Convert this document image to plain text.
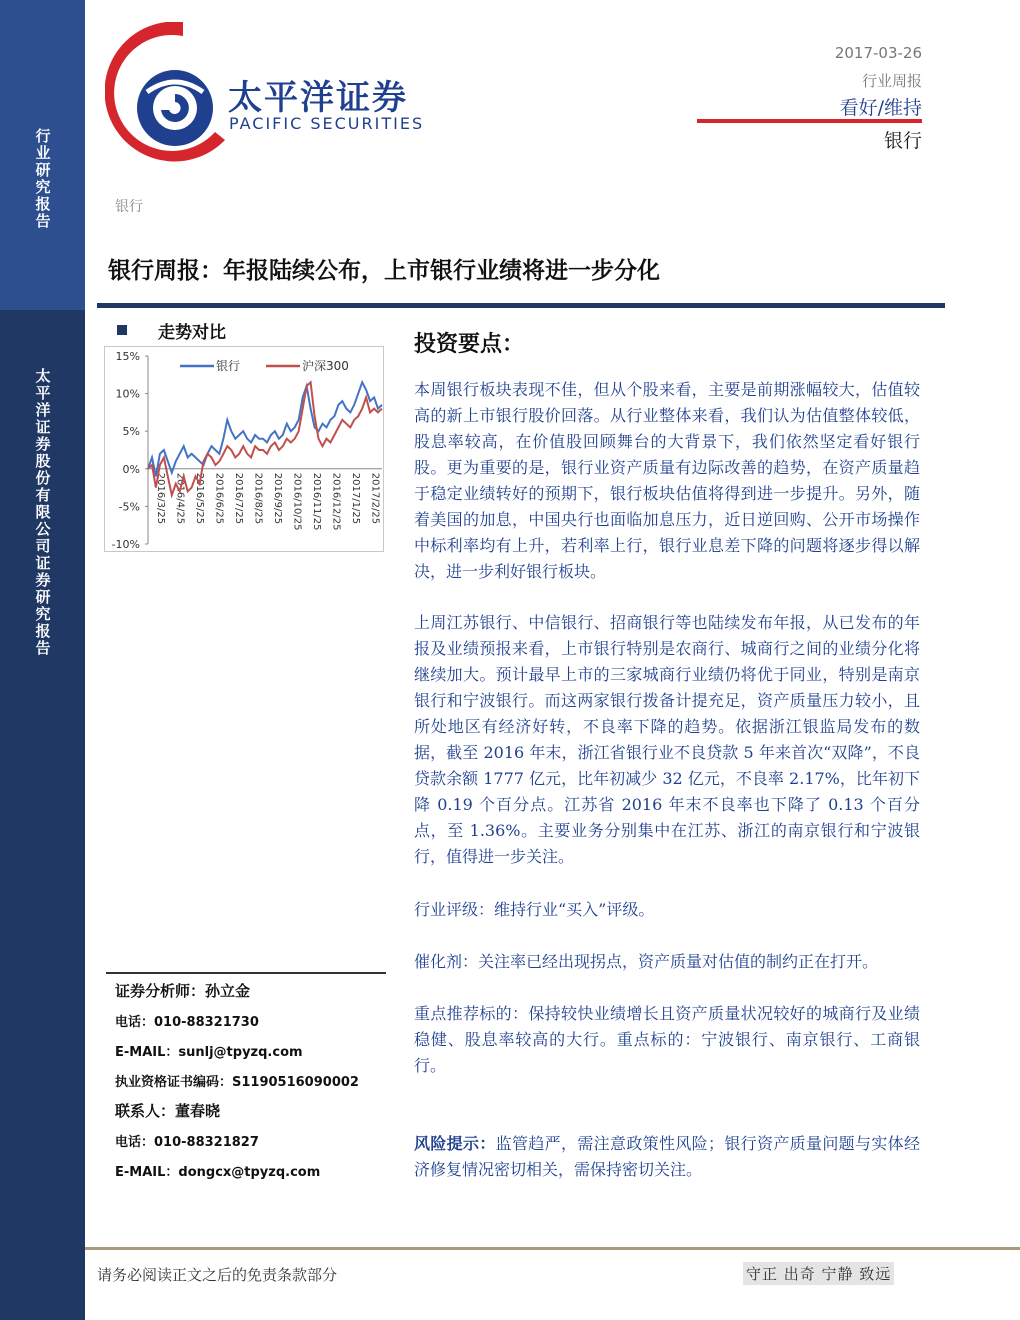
行业研究报告
太平洋证券股份有限公司证券研究报告
太平洋证券
PACIFIC SECURITIES
2017-03-26
行业周报
看好/维持
银行
银行
银行周报：年报陆续公布，上市银行业绩将进一步分化
走势对比
15%
10%
5%
0%
-5%
-10%
2016/3/25 2016/4/25 2016/5/25 2016/6/25 2016/7/25 2016/8/25 2016/9/25 2016/10/25 2016/11/25 2016/12/25 2017/1/25 2017/2/25
银行	沪深300
证券分析师：孙立金
电话：010-88321730
E-MAIL：sunlj@tpyzq.com
执业资格证书编码：S1190516090002
联系人：董春晓
电话：010-88321827
E-MAIL：dongcx@tpyzq.com
投资要点：
本周银行板块表现不佳，但从个股来看，主要是前期涨幅较大，估值较高的新上市银行股价回落。从行业整体来看，我们认为估值整体较低，股息率较高，在价值股回顾舞台的大背景下，我们依然坚定看好银行股。更为重要的是，银行业资产质量有边际改善的趋势，在资产质量趋于稳定业绩转好的预期下，银行板块估值将得到进一步提升。另外，随着美国的加息，中国央行也面临加息压力，近日逆回购、公开市场操作中标利率均有上升，若利率上行，银行业息差下降的问题将逐步得以解决，进一步利好银行板块。
上周江苏银行、中信银行、招商银行等也陆续发布年报，从已发布的年报及业绩预报来看，上市银行特别是农商行、城商行之间的业绩分化将继续加大。预计最早上市的三家城商行业绩仍将优于同业，特别是南京银行和宁波银行。而这两家银行拨备计提充足，资产质量压力较小，且所处地区有经济好转，不良率下降的趋势。依据浙江银监局发布的数据，截至 2016 年末，浙江省银行业不良贷款 5 年来首次“双降”，不良贷款余额 1777 亿元，比年初减少 32 亿元，不良率 2.17%，比年初下降 0.19 个百分点。江苏省 2016 年末不良率也下降了 0.13 个百分点，至 1.36%。主要业务分别集中在江苏、浙江的南京银行和宁波银行，值得进一步关注。
行业评级：维持行业“买入”评级。
催化剂：关注率已经出现拐点，资产质量对估值的制约正在打开。
重点推荐标的：保持较快业绩增长且资产质量状况较好的城商行及业绩稳健、股息率较高的大行。重点标的：宁波银行、南京银行、工商银行。
风险提示：监管趋严，需注意政策性风险；银行资产质量问题与实体经济修复情况密切相关，需保持密切关注。
请务必阅读正文之后的免责条款部分	守正 出奇 宁静 致远
